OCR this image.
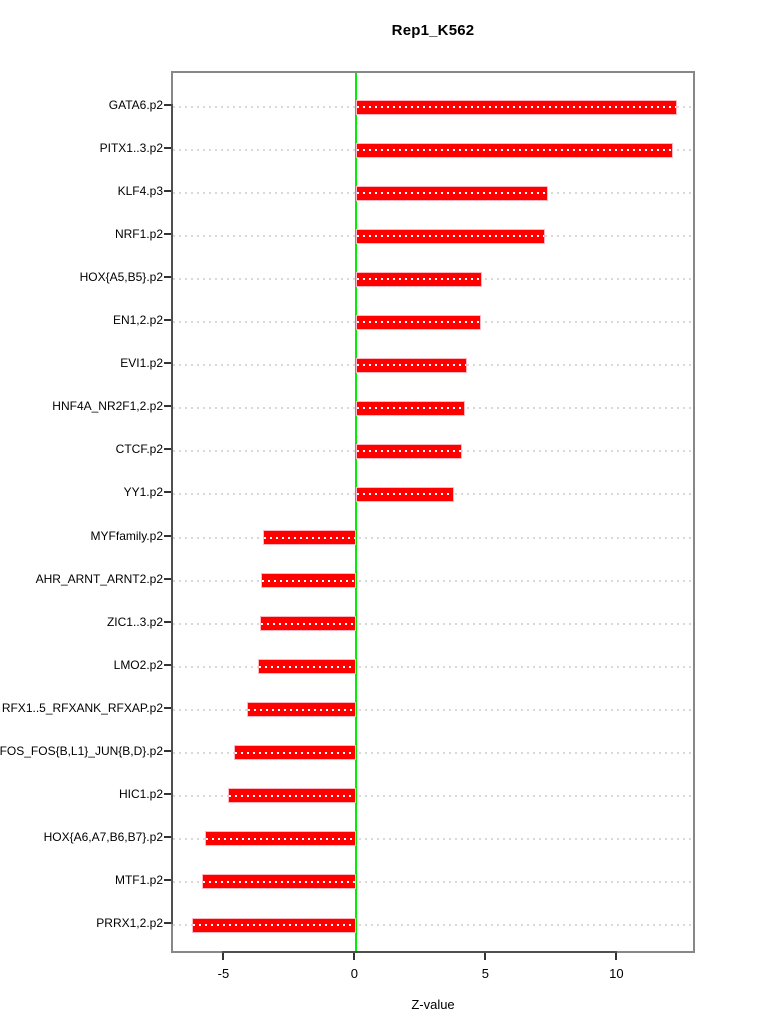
Rep1_K562
GATA6.p2
PITX1..3.p2
KLF4.p3
NRF1.p2
HOX{A5,B5}.p2
EN1,2.p2
EVI1.p2
HNF4A_NR2F1,2.p2
CTCF.p2
YY1.p2
MYFfamily.p2
AHR_ARNT_ARNT2.p2
ZIC1..3.p2
LMO2.p2
RFX1..5_RFXANK_RFXAP.p2
FOS_FOS{B,L1}_JUN{B,D}.p2
HIC1.p2
HOX{A6,A7,B6,B7}.p2
MTF1.p2
PRRX1,2.p2
-5	0	5	10
Z-value
